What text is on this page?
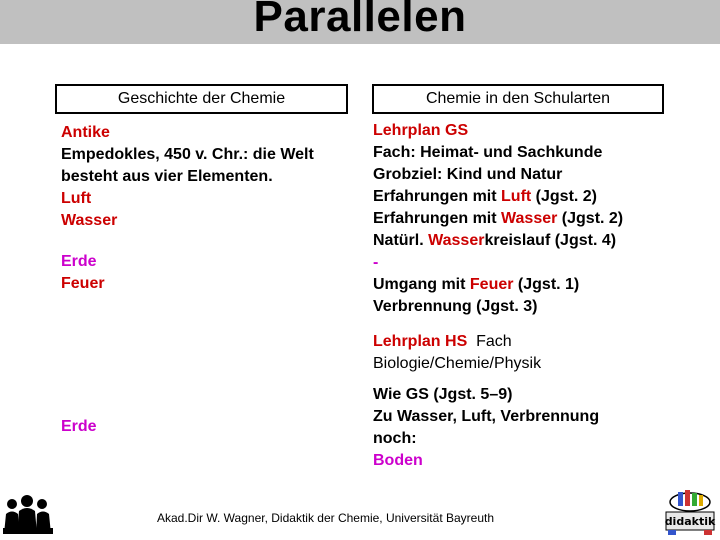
Parallelen
Geschichte der Chemie	Chemie in den Schularten
Antike
Empedokles, 450 v. Chr.: die Welt
besteht aus vier Elementen.
Luft
Wasser
Erde
Feuer
Erde
Lehrplan GS
Fach: Heimat- und Sachkunde
Grobziel: Kind und Natur
Erfahrungen mit Luft (Jgst. 2)
Erfahrungen mit Wasser (Jgst. 2)
Natürl. Wasserkreislauf (Jgst. 4)
-
Umgang mit Feuer (Jgst. 1)
Verbrennung (Jgst. 3)
Lehrplan HS  Fach
Biologie/Chemie/Physik
Wie GS (Jgst. 5–9)
Zu Wasser, Luft, Verbrennung
noch:
Boden
Akad.Dir W. Wagner, Didaktik der Chemie, Universität Bayreuth	didaktik
